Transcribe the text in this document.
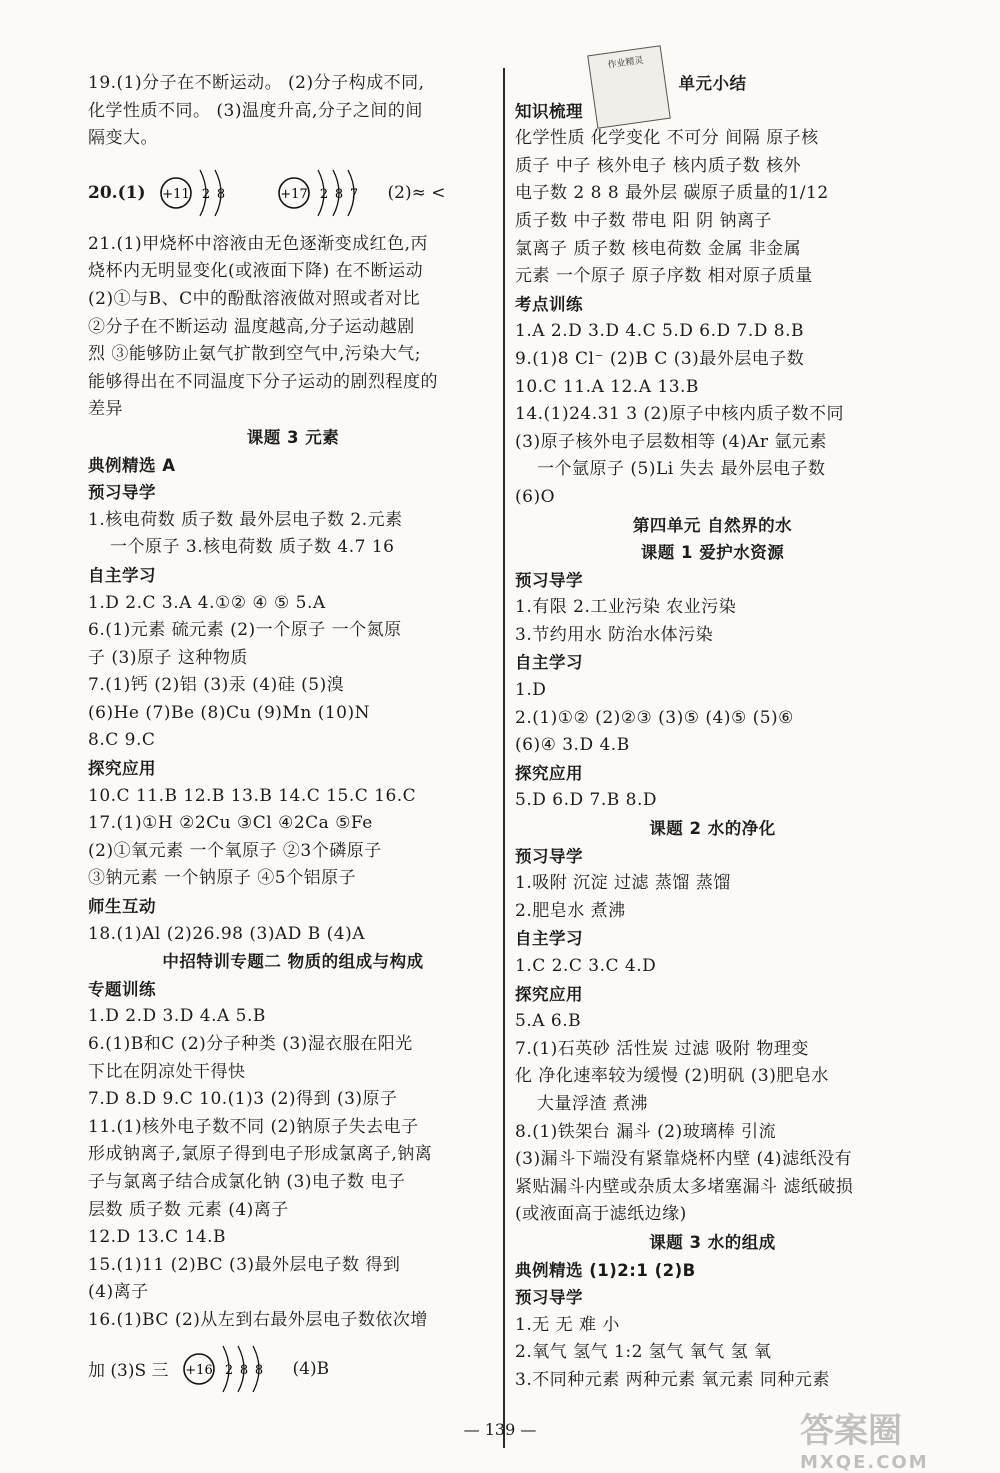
作业精灵
19.(1)分子在不断运动。 (2)分子构成不同,
化学性质不同。 (3)温度升高,分子之间的间
隔变大。
20.(1) +11 2 8	+17 2 8 7 (2)≈ <
21.(1)甲烧杯中溶液由无色逐渐变成红色,丙
烧杯内无明显变化(或液面下降) 在不断运动
(2)①与B、C中的酚酞溶液做对照或者对比
②分子在不断运动 温度越高,分子运动越剧
烈 ③能够防止氨气扩散到空气中,污染大气;
能够得出在不同温度下分子运动的剧烈程度的
差异
课题 3 元素
典例精选 A
预习导学
1.核电荷数 质子数 最外层电子数 2.元素
一个原子 3.核电荷数 质子数 4.7 16
自主学习
1.D 2.C 3.A 4.①② ④ ⑤ 5.A
6.(1)元素 硫元素 (2)一个原子 一个氮原
子 (3)原子 这种物质
7.(1)钙 (2)铝 (3)汞 (4)硅 (5)溴
(6)He (7)Be (8)Cu (9)Mn (10)N
8.C 9.C
探究应用
10.C 11.B 12.B 13.B 14.C 15.C 16.C
17.(1)①H ②2Cu ③Cl ④2Ca ⑤Fe
(2)①氧元素 一个氧原子 ②3个磷原子
③钠元素 一个钠原子 ④5个铝原子
师生互动
18.(1)Al (2)26.98 (3)AD B (4)A
中招特训专题二 物质的组成与构成
专题训练
1.D 2.D 3.D 4.A 5.B
6.(1)B和C (2)分子种类 (3)湿衣服在阳光
下比在阴凉处干得快
7.D 8.D 9.C 10.(1)3 (2)得到 (3)原子
11.(1)核外电子数不同 (2)钠原子失去电子
形成钠离子,氯原子得到电子形成氯离子,钠离
子与氯离子结合成氯化钠 (3)电子数 电子
层数 质子数 元素 (4)离子
12.D 13.C 14.B
15.(1)11 (2)BC (3)最外层电子数 得到
(4)离子
16.(1)BC (2)从左到右最外层电子数依次增
加 (3)S 三 +16 2 8 8 (4)B
单元小结
知识梳理
化学性质 化学变化 不可分 间隔 原子核
质子 中子 核外电子 核内质子数 核外
电子数 2 8 8 最外层 碳原子质量的1/12
质子数 中子数 带电 阳 阴 钠离子
氯离子 质子数 核电荷数 金属 非金属
元素 一个原子 原子序数 相对原子质量
考点训练
1.A 2.D 3.D 4.C 5.D 6.D 7.D 8.B
9.(1)8 Cl⁻ (2)B C (3)最外层电子数
10.C 11.A 12.A 13.B
14.(1)24.31 3 (2)原子中核内质子数不同
(3)原子核外电子层数相等 (4)Ar 氩元素
一个氩原子 (5)Li 失去 最外层电子数
(6)O
第四单元 自然界的水
课题 1 爱护水资源
预习导学
1.有限 2.工业污染 农业污染
3.节约用水 防治水体污染
自主学习
1.D
2.(1)①② (2)②③ (3)⑤ (4)⑤ (5)⑥
(6)④ 3.D 4.B
探究应用
5.D 6.D 7.B 8.D
课题 2 水的净化
预习导学
1.吸附 沉淀 过滤 蒸馏 蒸馏
2.肥皂水 煮沸
自主学习
1.C 2.C 3.C 4.D
探究应用
5.A 6.B
7.(1)石英砂 活性炭 过滤 吸附 物理变
化 净化速率较为缓慢 (2)明矾 (3)肥皂水
大量浮渣 煮沸
8.(1)铁架台 漏斗 (2)玻璃棒 引流
(3)漏斗下端没有紧靠烧杯内壁 (4)滤纸没有
紧贴漏斗内壁或杂质太多堵塞漏斗 滤纸破损
(或液面高于滤纸边缘)
课题 3 水的组成
典例精选 (1)2:1 (2)B
预习导学
1.无 无 难 小
2.氧气 氢气 1:2 氢气 氧气 氢 氧
3.不同种元素 两种元素 氧元素 同种元素
— 139 —	答案圈
MXQE.COM
